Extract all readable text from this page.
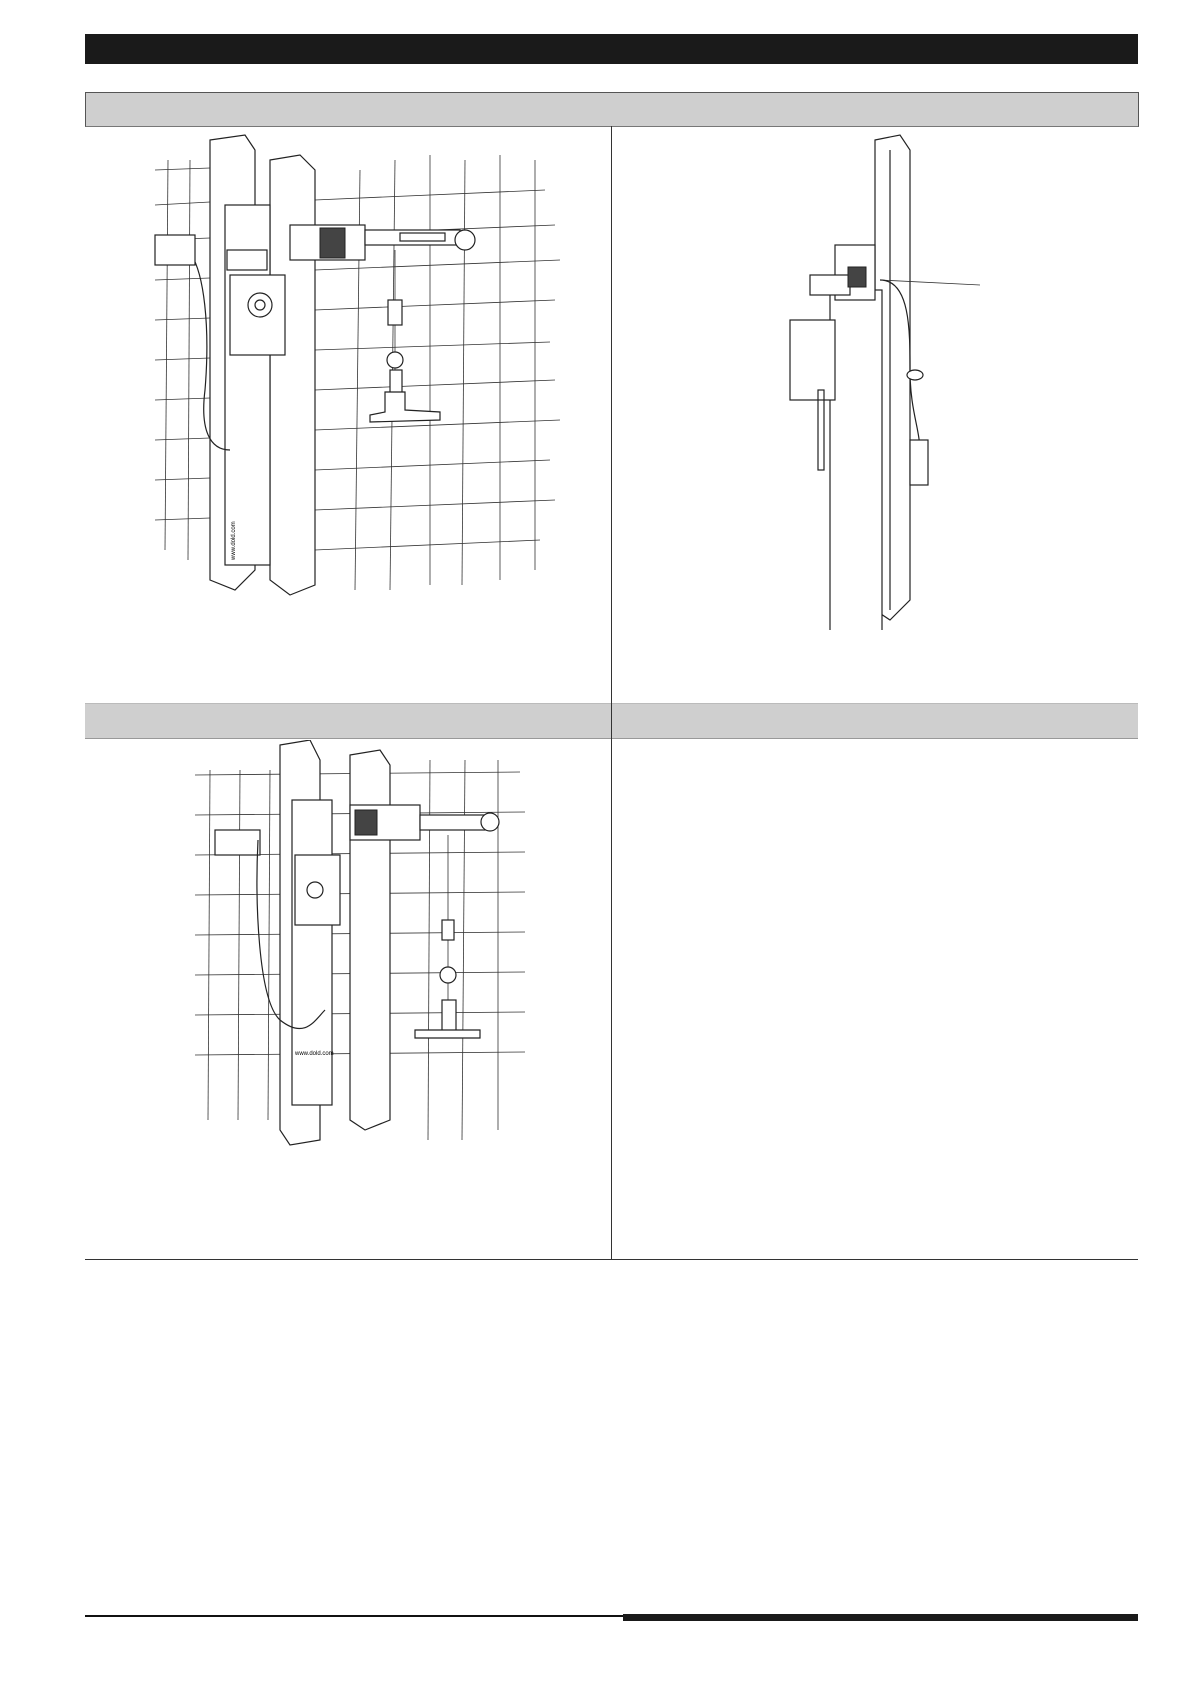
www.dold.com
www.dold.com
